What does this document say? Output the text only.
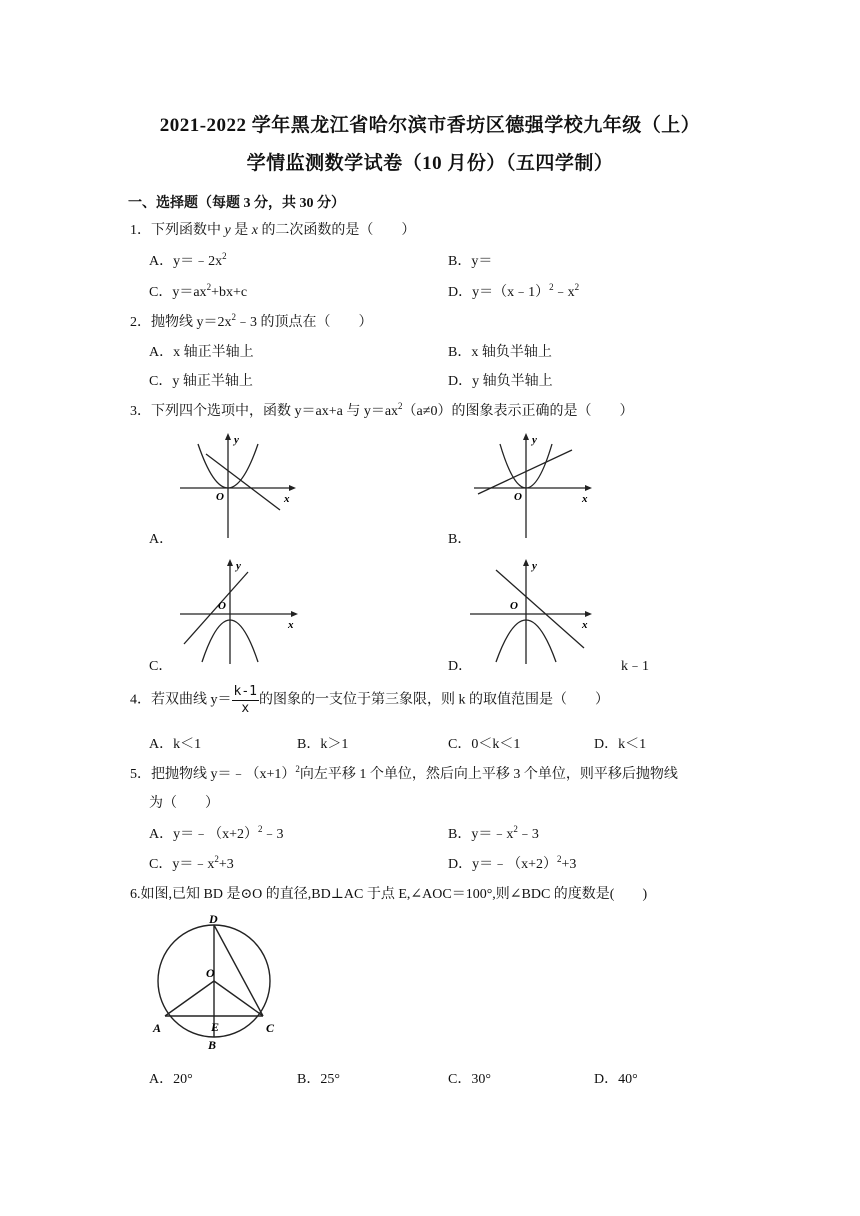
2021-2022 学年黑龙江省哈尔滨市香坊区德强学校九年级（上）
学情监测数学试卷（10 月份）（五四学制）
一、选择题（每题 3 分，共 30 分）
1．下列函数中 y 是 x 的二次函数的是（　　）
A．$y=﹣2x^2$	B．y＝
C．$y=ax^2+bx+c$	D．$y=(x﹣1)^2﹣x^2$
2．抛物线 $y=2x^2﹣3$ 的顶点在（　　）
A．x 轴正半轴上	B．x 轴负半轴上
C．y 轴正半轴上	D．y 轴负半轴上
3．下列四个选项中，函数 y＝ax+a 与 $y=ax^2(a\ne 0)$的图象表示正确的是（　　）
y
x
O
A．
y
x
O
B．
y
x
O
C．
y
x
O
D．	k﹣1
4．若双曲线 $y= \frac{k-1}{x}$ 的图象的一支位于第三象限，则 k 的取值范围是（　　）
A．k＜1	B．k＞1	C．0＜k＜1	D．k＜1
5．把抛物线 $y=﹣(x+1)^2$向左平移 1 个单位，然后向上平移 3 个单位，则平移后抛物线
为（　　）
A．$y=﹣(x+2)^2﹣3$	B．$y=﹣x^2﹣3$
C．$y=﹣x^2+3$	D．$y=﹣(x+2)^2+3$
6.如图,已知 BD 是⊙O 的直径,BD⊥AC 于点 E,∠AOC＝100°,则∠BDC 的度数是(　　)
D
O
A	E	C
B
A．20°	B．25°	C．30°	D．40°
